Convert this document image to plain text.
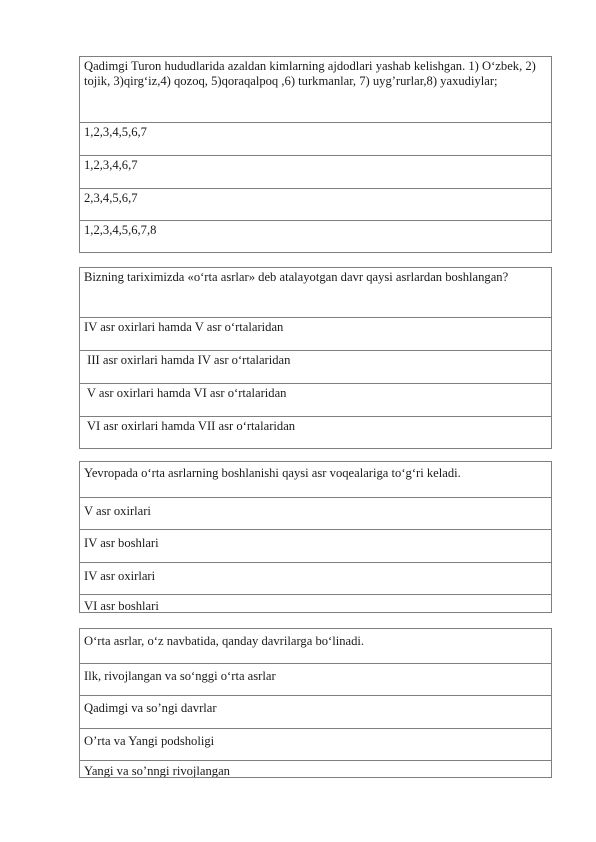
Qadimgi Turon hududlarida azaldan kimlarning ajdodlari yashab kelishgan. 1) O‘zbek, 2) tojik, 3)qirg‘iz,4) qozoq, 5)qoraqalpoq ,6) turkmanlar, 7) uyg’rurlar,8) yaxudiylar;
1,2,3,4,5,6,7
1,2,3,4,6,7
2,3,4,5,6,7
1,2,3,4,5,6,7,8
Bizning tariximizda «o‘rta asrlar» deb atalayotgan davr qaysi asrlardan boshlangan?
IV asr oxirlari hamda V asr o‘rtalaridan
III asr oxirlari hamda IV asr o‘rtalaridan
V asr oxirlari hamda VI asr o‘rtalaridan
VI asr oxirlari hamda VII asr o‘rtalaridan
Yevropada o‘rta asrlarning boshlanishi qaysi asr voqealariga to‘g‘ri keladi.
V asr oxirlari
IV asr boshlari
IV asr oxirlari
VI asr boshlari
O‘rta asrlar, o‘z navbatida, qanday davrilarga bo‘linadi.
Ilk, rivojlangan va so‘nggi o‘rta asrlar
Qadimgi va so’ngi davrlar
O’rta va Yangi podsholigi
Yangi va so’nngi rivojlangan
